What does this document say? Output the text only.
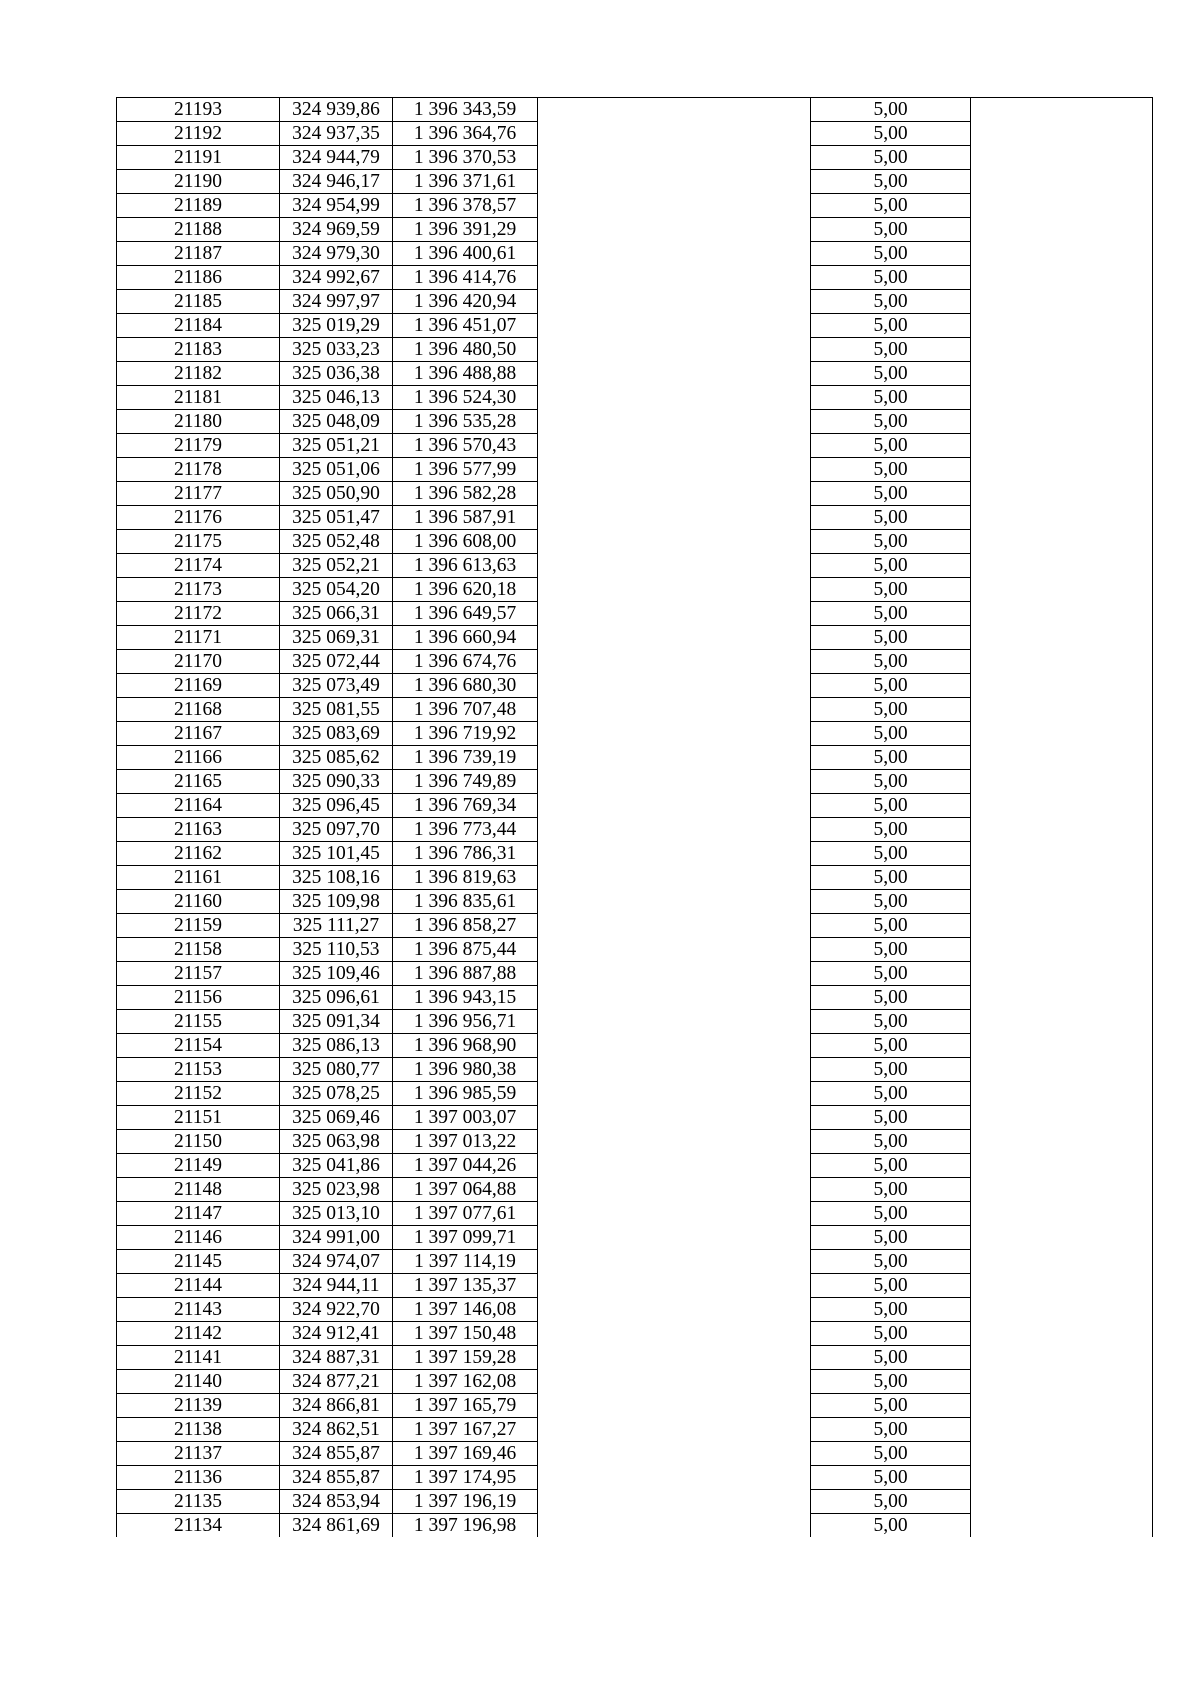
21193	324 939,86	1 396 343,59		5,00	
21192	324 937,35	1 396 364,76		5,00	
21191	324 944,79	1 396 370,53		5,00	
21190	324 946,17	1 396 371,61		5,00	
21189	324 954,99	1 396 378,57		5,00	
21188	324 969,59	1 396 391,29		5,00	
21187	324 979,30	1 396 400,61		5,00	
21186	324 992,67	1 396 414,76		5,00	
21185	324 997,97	1 396 420,94		5,00	
21184	325 019,29	1 396 451,07		5,00	
21183	325 033,23	1 396 480,50		5,00	
21182	325 036,38	1 396 488,88		5,00	
21181	325 046,13	1 396 524,30		5,00	
21180	325 048,09	1 396 535,28		5,00	
21179	325 051,21	1 396 570,43		5,00	
21178	325 051,06	1 396 577,99		5,00	
21177	325 050,90	1 396 582,28		5,00	
21176	325 051,47	1 396 587,91		5,00	
21175	325 052,48	1 396 608,00		5,00	
21174	325 052,21	1 396 613,63		5,00	
21173	325 054,20	1 396 620,18		5,00	
21172	325 066,31	1 396 649,57		5,00	
21171	325 069,31	1 396 660,94		5,00	
21170	325 072,44	1 396 674,76		5,00	
21169	325 073,49	1 396 680,30		5,00	
21168	325 081,55	1 396 707,48		5,00	
21167	325 083,69	1 396 719,92		5,00	
21166	325 085,62	1 396 739,19		5,00	
21165	325 090,33	1 396 749,89		5,00	
21164	325 096,45	1 396 769,34		5,00	
21163	325 097,70	1 396 773,44		5,00	
21162	325 101,45	1 396 786,31		5,00	
21161	325 108,16	1 396 819,63		5,00	
21160	325 109,98	1 396 835,61		5,00	
21159	325 111,27	1 396 858,27		5,00	
21158	325 110,53	1 396 875,44		5,00	
21157	325 109,46	1 396 887,88		5,00	
21156	325 096,61	1 396 943,15		5,00	
21155	325 091,34	1 396 956,71		5,00	
21154	325 086,13	1 396 968,90		5,00	
21153	325 080,77	1 396 980,38		5,00	
21152	325 078,25	1 396 985,59		5,00	
21151	325 069,46	1 397 003,07		5,00	
21150	325 063,98	1 397 013,22		5,00	
21149	325 041,86	1 397 044,26		5,00	
21148	325 023,98	1 397 064,88		5,00	
21147	325 013,10	1 397 077,61		5,00	
21146	324 991,00	1 397 099,71		5,00	
21145	324 974,07	1 397 114,19		5,00	
21144	324 944,11	1 397 135,37		5,00	
21143	324 922,70	1 397 146,08		5,00	
21142	324 912,41	1 397 150,48		5,00	
21141	324 887,31	1 397 159,28		5,00	
21140	324 877,21	1 397 162,08		5,00	
21139	324 866,81	1 397 165,79		5,00	
21138	324 862,51	1 397 167,27		5,00	
21137	324 855,87	1 397 169,46		5,00	
21136	324 855,87	1 397 174,95		5,00	
21135	324 853,94	1 397 196,19		5,00	
21134	324 861,69	1 397 196,98		5,00	
